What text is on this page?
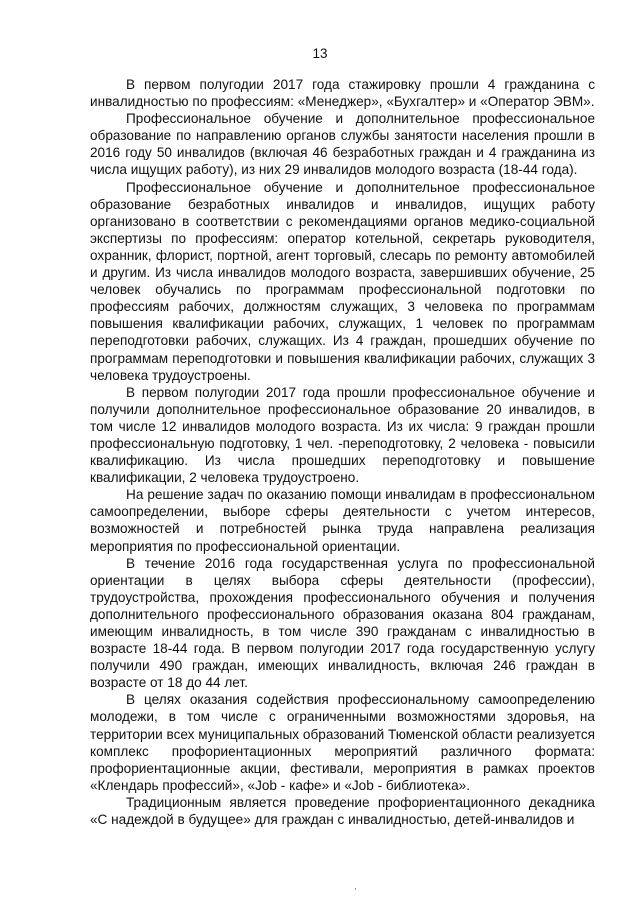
13

В первом полугодии 2017 года стажировку прошли 4 гражданина с инвалидностью по профессиям: «Менеджер», «Бухгалтер» и «Оператор ЭВМ».

Профессиональное обучение и дополнительное профессиональное образование по направлению органов службы занятости населения прошли в 2016 году 50 инвалидов (включая 46 безработных граждан и 4 гражданина из числа ищущих работу), из них 29 инвалидов молодого возраста (18-44 года).

Профессиональное обучение и дополнительное профессиональное образование безработных инвалидов и инвалидов, ищущих работу организовано в соответствии с рекомендациями органов медико-социальной экспертизы по профессиям: оператор котельной, секретарь руководителя, охранник, флорист, портной, агент торговый, слесарь по ремонту автомобилей и другим. Из числа инвалидов молодого возраста, завершивших обучение, 25 человек обучались по программам профессиональной подготовки по профессиям рабочих, должностям служащих, 3 человека по программам повышения квалификации рабочих, служащих, 1 человек по программам переподготовки рабочих, служащих. Из 4 граждан, прошедших обучение по программам переподготовки и повышения квалификации рабочих, служащих 3 человека трудоустроены.

В первом полугодии 2017 года прошли профессиональное обучение и получили дополнительное профессиональное образование 20 инвалидов, в том числе 12 инвалидов молодого возраста. Из их числа: 9 граждан прошли профессиональную подготовку, 1 чел. -переподготовку, 2 человека - повысили квалификацию. Из числа прошедших переподготовку и повышение квалификации, 2 человека трудоустроено.

На решение задач по оказанию помощи инвалидам в профессиональном самоопределении, выборе сферы деятельности с учетом интересов, возможностей и потребностей рынка труда направлена реализация мероприятия по профессиональной ориентации.

В течение 2016 года государственная услуга по профессиональной ориентации в целях выбора сферы деятельности (профессии), трудоустройства, прохождения профессионального обучения и получения дополнительного профессионального образования оказана 804 гражданам, имеющим инвалидность, в том числе 390 гражданам с инвалидностью в возрасте 18-44 года. В первом полугодии 2017 года государственную услугу получили 490 граждан, имеющих инвалидность, включая 246 граждан в возрасте от 18 до 44 лет.

В целях оказания содействия профессиональному самоопределению молодежи, в том числе с ограниченными возможностями здоровья, на территории всех муниципальных образований Тюменской области реализуется комплекс профориентационных мероприятий различного формата: профориентационные акции, фестивали, мероприятия в рамках проектов «Клендарь профессий», «Job - кафе» и «Job - библиотека».

Традиционным является проведение профориентационного декадника «С надеждой в будущее» для граждан с инвалидностью, детей-инвалидов и
